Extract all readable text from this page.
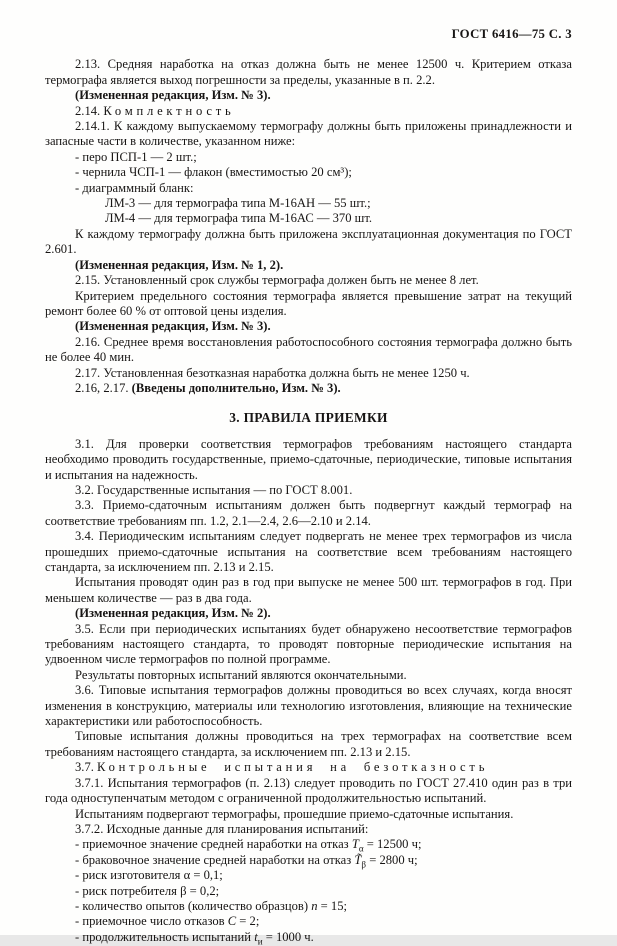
ГОСТ 6416—75 С. 3
2.13. Средняя наработка на отказ должна быть не менее 12500 ч. Критерием отказа термографа является выход погрешности за пределы, указанные в п. 2.2.
(Измененная редакция, Изм. № 3).
2.14. Комплектность
2.14.1. К каждому выпускаемому термографу должны быть приложены принадлежности и запасные части в количестве, указанном ниже:
- перо ПСП-1 — 2 шт.;
- чернила ЧСП-1 — флакон (вместимостью 20 см³);
- диаграммный бланк:
ЛМ-3 — для термографа типа М-16АН — 55 шт.;
ЛМ-4 — для термографа типа М-16АС — 370 шт.
К каждому термографу должна быть приложена эксплуатационная документация по ГОСТ 2.601.
(Измененная редакция, Изм. № 1, 2).
2.15. Установленный срок службы термографа должен быть не менее 8 лет.
Критерием предельного состояния термографа является превышение затрат на текущий ремонт более 60 % от оптовой цены изделия.
(Измененная редакция, Изм. № 3).
2.16. Среднее время восстановления работоспособного состояния термографа должно быть не более 40 мин.
2.17. Установленная безотказная наработка должна быть не менее 1250 ч.
2.16, 2.17. (Введены дополнительно, Изм. № 3).
3. ПРАВИЛА ПРИЕМКИ
3.1. Для проверки соответствия термографов требованиям настоящего стандарта необходимо проводить государственные, приемо-сдаточные, периодические, типовые испытания и испытания на надежность.
3.2. Государственные испытания — по ГОСТ 8.001.
3.3. Приемо-сдаточным испытаниям должен быть подвергнут каждый термограф на соответствие требованиям пп. 1.2, 2.1—2.4, 2.6—2.10 и 2.14.
3.4. Периодическим испытаниям следует подвергать не менее трех термографов из числа прошедших приемо-сдаточные испытания на соответствие всем требованиям настоящего стандарта, за исключением пп. 2.13 и 2.15.
Испытания проводят один раз в год при выпуске не менее 500 шт. термографов в год. При меньшем количестве — раз в два года.
(Измененная редакция, Изм. № 2).
3.5. Если при периодических испытаниях будет обнаружено несоответствие термографов требованиям настоящего стандарта, то проводят повторные периодические испытания на удвоенном числе термографов по полной программе.
Результаты повторных испытаний являются окончательными.
3.6. Типовые испытания термографов должны проводиться во всех случаях, когда вносят изменения в конструкцию, материалы или технологию изготовления, влияющие на технические характеристики или работоспособность.
Типовые испытания должны проводиться на трех термографах на соответствие всем требованиям настоящего стандарта, за исключением пп. 2.13 и 2.15.
3.7. Контрольные испытания на безотказность
3.7.1. Испытания термографов (п. 2.13) следует проводить по ГОСТ 27.410 один раз в три года одноступенчатым методом с ограниченной продолжительностью испытаний.
Испытаниям подвергают термографы, прошедшие приемо-сдаточные испытания.
3.7.2. Исходные данные для планирования испытаний:
- приемочное значение средней наработки на отказ $T_\alpha = 12500$ ч;
- браковочное значение средней наработки на отказ $T̃_\beta = 2800$ ч;
- риск изготовителя α = 0,1;
- риск потребителя β = 0,2;
- количество опытов (количество образцов) n = 15;
- приемочное число отказов С = 2;
- продолжительность испытаний $t_и = 1000$ ч.
